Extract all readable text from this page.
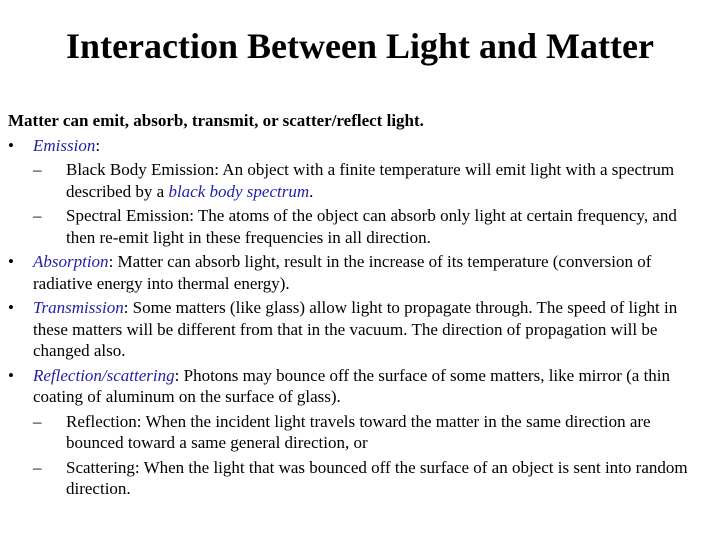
Interaction Between Light and Matter
Matter can emit, absorb, transmit, or scatter/reflect light.
•	Emission:
–	Black Body Emission: An object with a finite temperature will emit light with a spectrum described by a black body spectrum.
–	Spectral Emission: The atoms of the object can absorb only light at certain frequency, and then re-emit light in these frequencies in all direction.
•	Absorption: Matter can absorb light, result in the increase of its temperature (conversion of radiative energy into thermal energy).
•	Transmission: Some matters (like glass) allow light to propagate through. The speed of light in these matters will be different from that in the vacuum. The direction of propagation will be changed also.
•	Reflection/scattering: Photons may bounce off the surface of some matters, like mirror (a thin coating of aluminum on the surface of glass).
–	Reflection: When the incident light travels toward the matter in the same direction are bounced toward a same general direction, or
–	Scattering: When the light that was bounced off the surface of an object is sent into random direction.
